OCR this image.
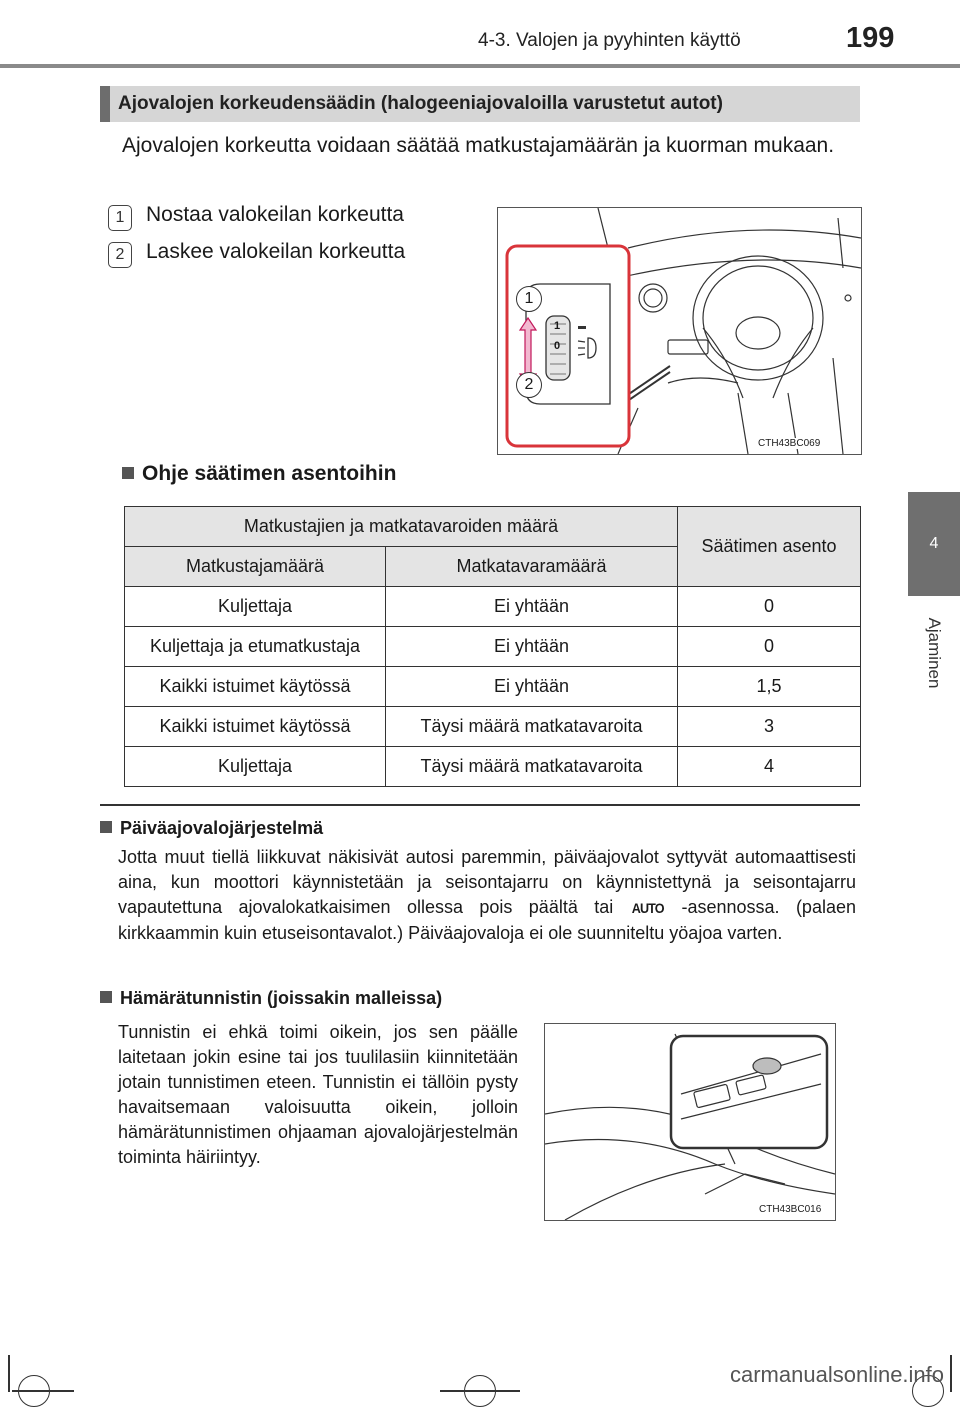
4-3. Valojen ja pyyhinten käyttö	199
4
Ajaminen
Ajovalojen korkeudensäädin (halogeeniajovaloilla varustetut autot)
Ajovalojen korkeutta voidaan säätää matkustajamäärän ja kuorman mukaan.
1	Nostaa valokeilan korkeutta
2	Laskee valokeilan korkeutta
1
0
1
2
CTH43BC069
Ohje säätimen asentoihin
Matkustajien ja matkatavaroiden määrä		Säätimen asento
Matkustajamäärä	Matkatavaramäärä	
Kuljettaja	Ei yhtään	0
Kuljettaja ja etumatkustaja	Ei yhtään	0
Kaikki istuimet käytössä	Ei yhtään	1,5
Kaikki istuimet käytössä	Täysi määrä matkatavaroita	3
Kuljettaja	Täysi määrä matkatavaroita	4
Päiväajovalojärjestelmä
Jotta muut tiellä liikkuvat näkisivät autosi paremmin, päiväajovalot syttyvät automaattisesti aina, kun moottori käynnistetään ja seisontajarru on käynnistettynä ja seisontajarru vapautettuna ajovalokatkaisimen ollessa pois päältä tai AUTO -asennossa. (palaen kirkkaammin kuin etuseisontavalot.) Päiväajovaloja ei ole suunniteltu yöajoa varten.
Hämärätunnistin (joissakin malleissa)
Tunnistin ei ehkä toimi oikein, jos sen päälle laitetaan jokin esine tai jos tuulilasiin kiinnitetään jotain tunnistimen eteen. Tunnistin ei tällöin pysty havaitsemaan valoisuutta oikein, jolloin hämärätunnistimen ohjaaman ajovalojärjestelmän toiminta häiriintyy.
CTH43BC016
carmanualsonline.info
